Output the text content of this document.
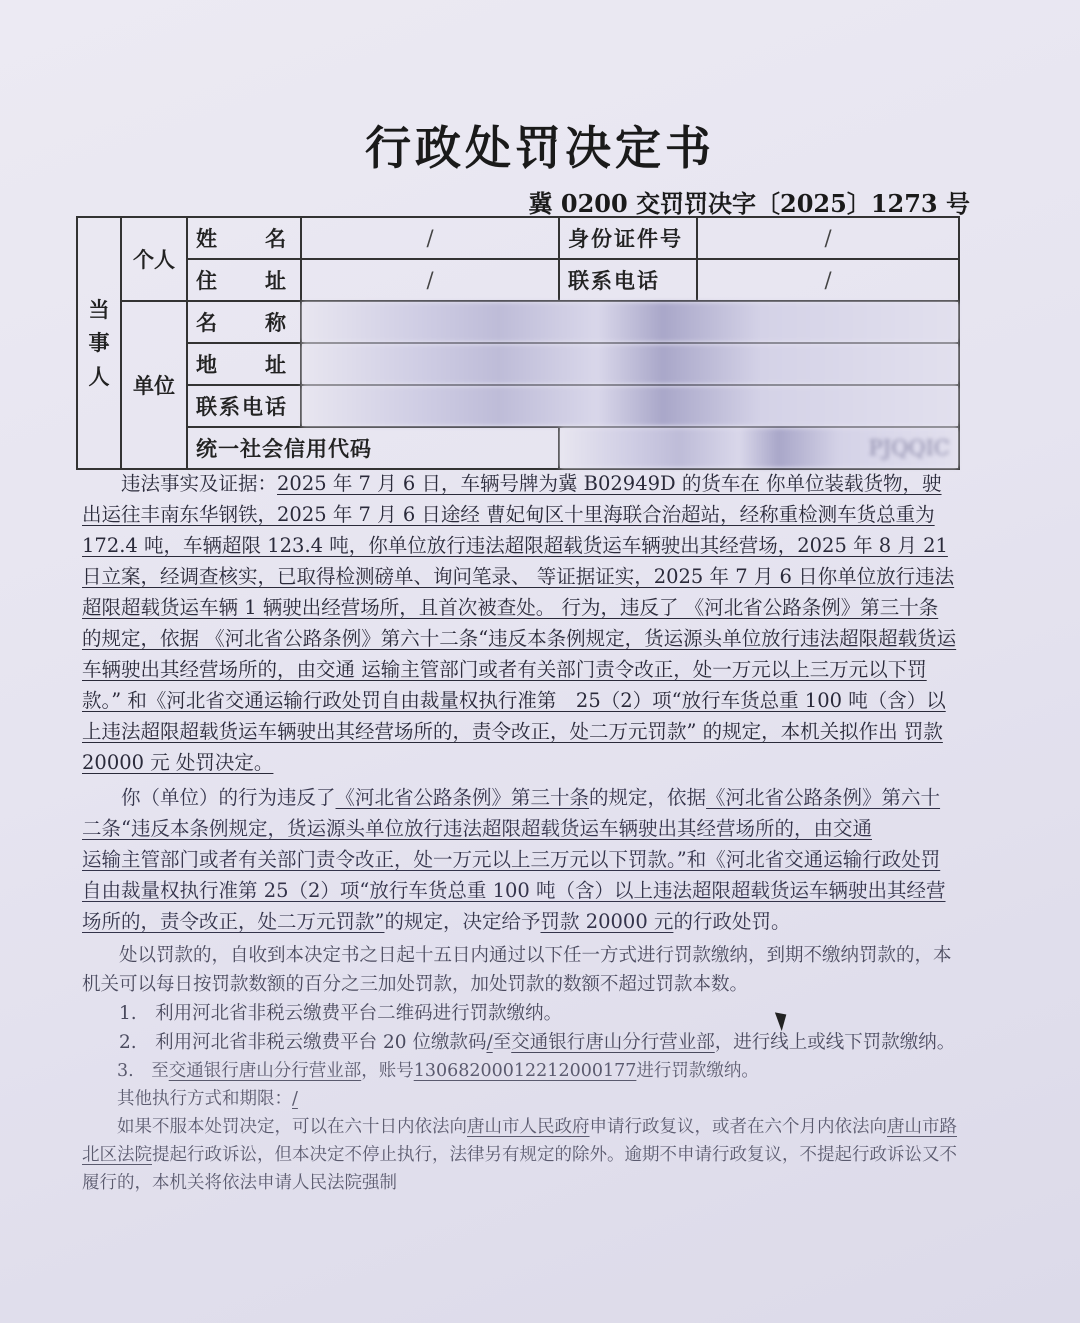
行政处罚决定书
冀 0200 交罚罚决字〔2025〕1273 号
当事人	个人	姓　　名	/	身份证件号	/
		住　　址	/	联系电话	/
	单位	名　　称			
		地　　址			
		联系电话			
		统一社会信用代码		PJQQIC	

违法事实及证据：2025 年 7 月 6 日，车辆号牌为冀 B02949D 的货车在 你单位装载货物，驶出运往丰南东华钢铁，2025 年 7 月 6 日途经 曹妃甸区十里海联合治超站，经称重检测车货总重为172.4 吨，车辆超限 123.4 吨，你单位放行违法超限超载货运车辆驶出其经营场，2025 年 8 月 21 日立案，经调查核实，已取得检测磅单、询问笔录、 等证据证实，2025 年 7 月 6 日你单位放行违法超限超载货运车辆 1 辆驶出经营场所，且首次被查处。 行为，违反了 《河北省公路条例》第三十条 的规定，依据 《河北省公路条例》第六十二条“违反本条例规定，货运源头单位放行违法超限超载货运车辆驶出其经营场所的，由交通 运输主管部门或者有关部门责令改正，处一万元以上三万元以下罚款。” 和《河北省交通运输行政处罚自由裁量权执行准第　25（2）项“放行车货总重 100 吨（含）以上违法超限超载货运车辆驶出其经营场所的，责令改正，处二万元罚款” 的规定，本机关拟作出 罚款 20000 元 处罚决定。

你（单位）的行为违反了《河北省公路条例》第三十条的规定，依据《河北省公路条例》第六十二条“违反本条例规定，货运源头单位放行违法超限超载货运车辆驶出其经营场所的，由交通

运输主管部门或者有关部门责令改正，处一万元以上三万元以下罚款。”和《河北省交通运输行政处罚自由裁量权执行准第 25（2）项“放行车货总重 100 吨（含）以上违法超限超载货运车辆驶出其经营场所的，责令改正，处二万元罚款”的规定，决定给予罚款 20000 元的行政处罚。

处以罚款的，自收到本决定书之日起十五日内通过以下任一方式进行罚款缴纳，到期不缴纳罚款的，本机关可以每日按罚款数额的百分之三加处罚款，加处罚款的数额不超过罚款本数。

1.　利用河北省非税云缴费平台二维码进行罚款缴纳。

2.　利用河北省非税云缴费平台 20 位缴款码/至交通银行唐山分行营业部，进行线上或线下罚款缴纳。

3.　至交通银行唐山分行营业部，账号13068200012212000177进行罚款缴纳。

其他执行方式和期限：/

如果不服本处罚决定，可以在六十日内依法向唐山市人民政府申请行政复议，或者在六个月内依法向唐山市路北区法院提起行政诉讼，但本决定不停止执行，法律另有规定的除外。逾期不申请行政复议，不提起行政诉讼又不履行的，本机关将依法申请人民法院强制
